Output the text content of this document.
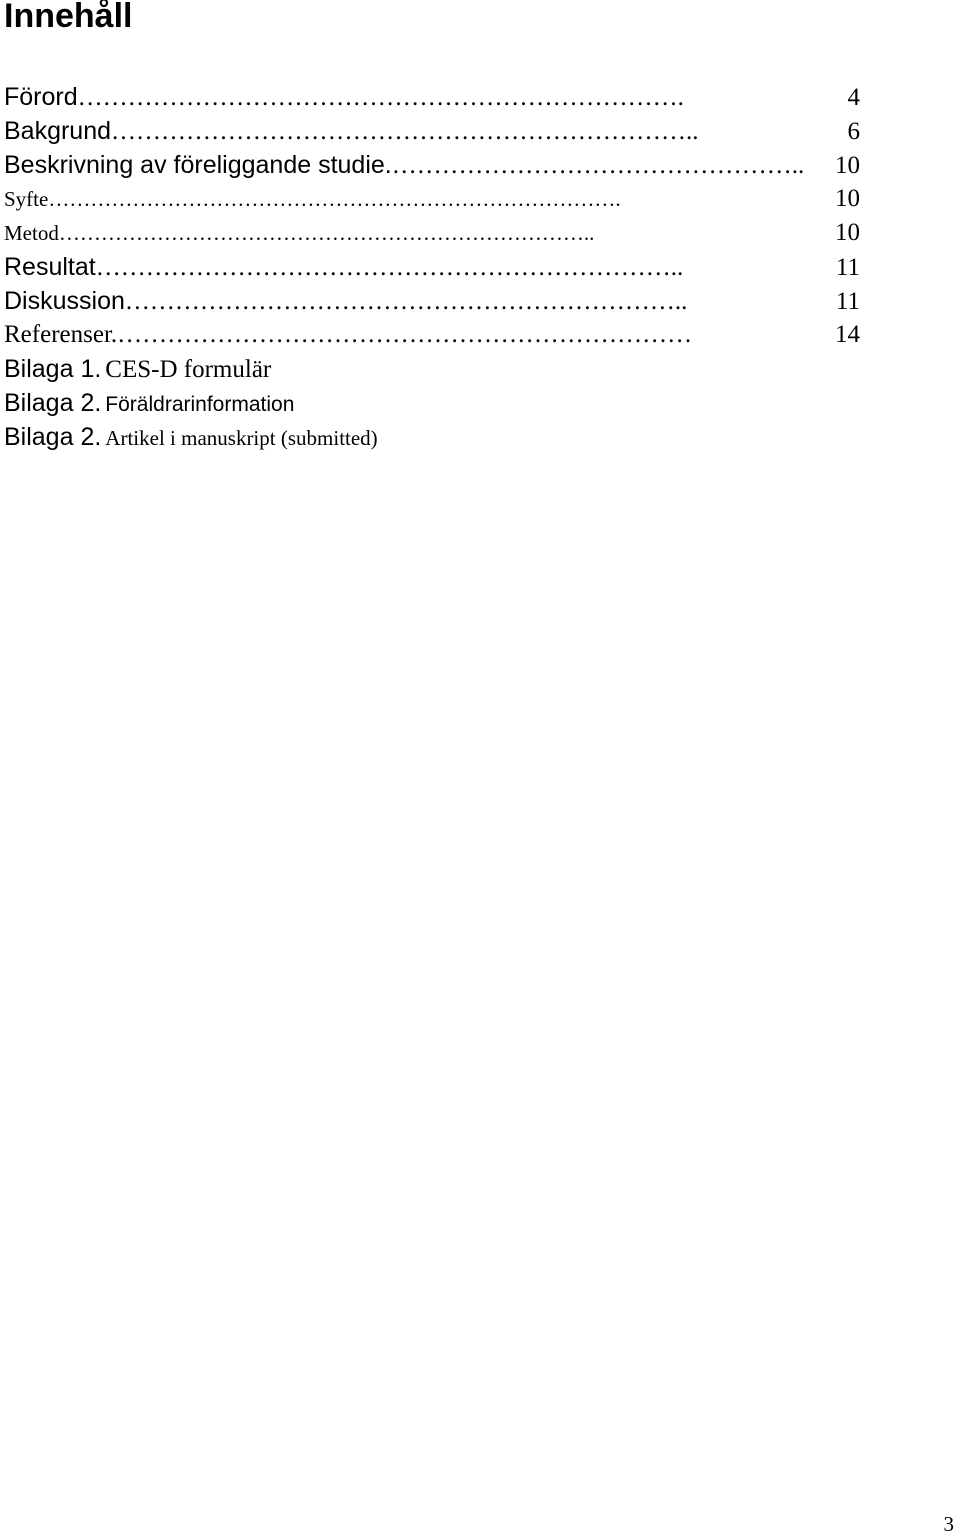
Innehåll
Förord ……………………………………………………………….	4
Bakgrund ……………………………………………………………..	6
Beskrivning av föreliggande studie. …………………………………………..	10
Syfte ……………………………………………………………………….	10
Metod …………………………………………………………………..	10
Resultat ……………………………………………………………..	11
Diskussion …………………………………………………………..	11
Referenser. ……………………………………………………………	14
Bilaga 1. CES-D formulär
Bilaga 2. Föräldrarinformation
Bilaga 2. Artikel i manuskript (submitted)
3
